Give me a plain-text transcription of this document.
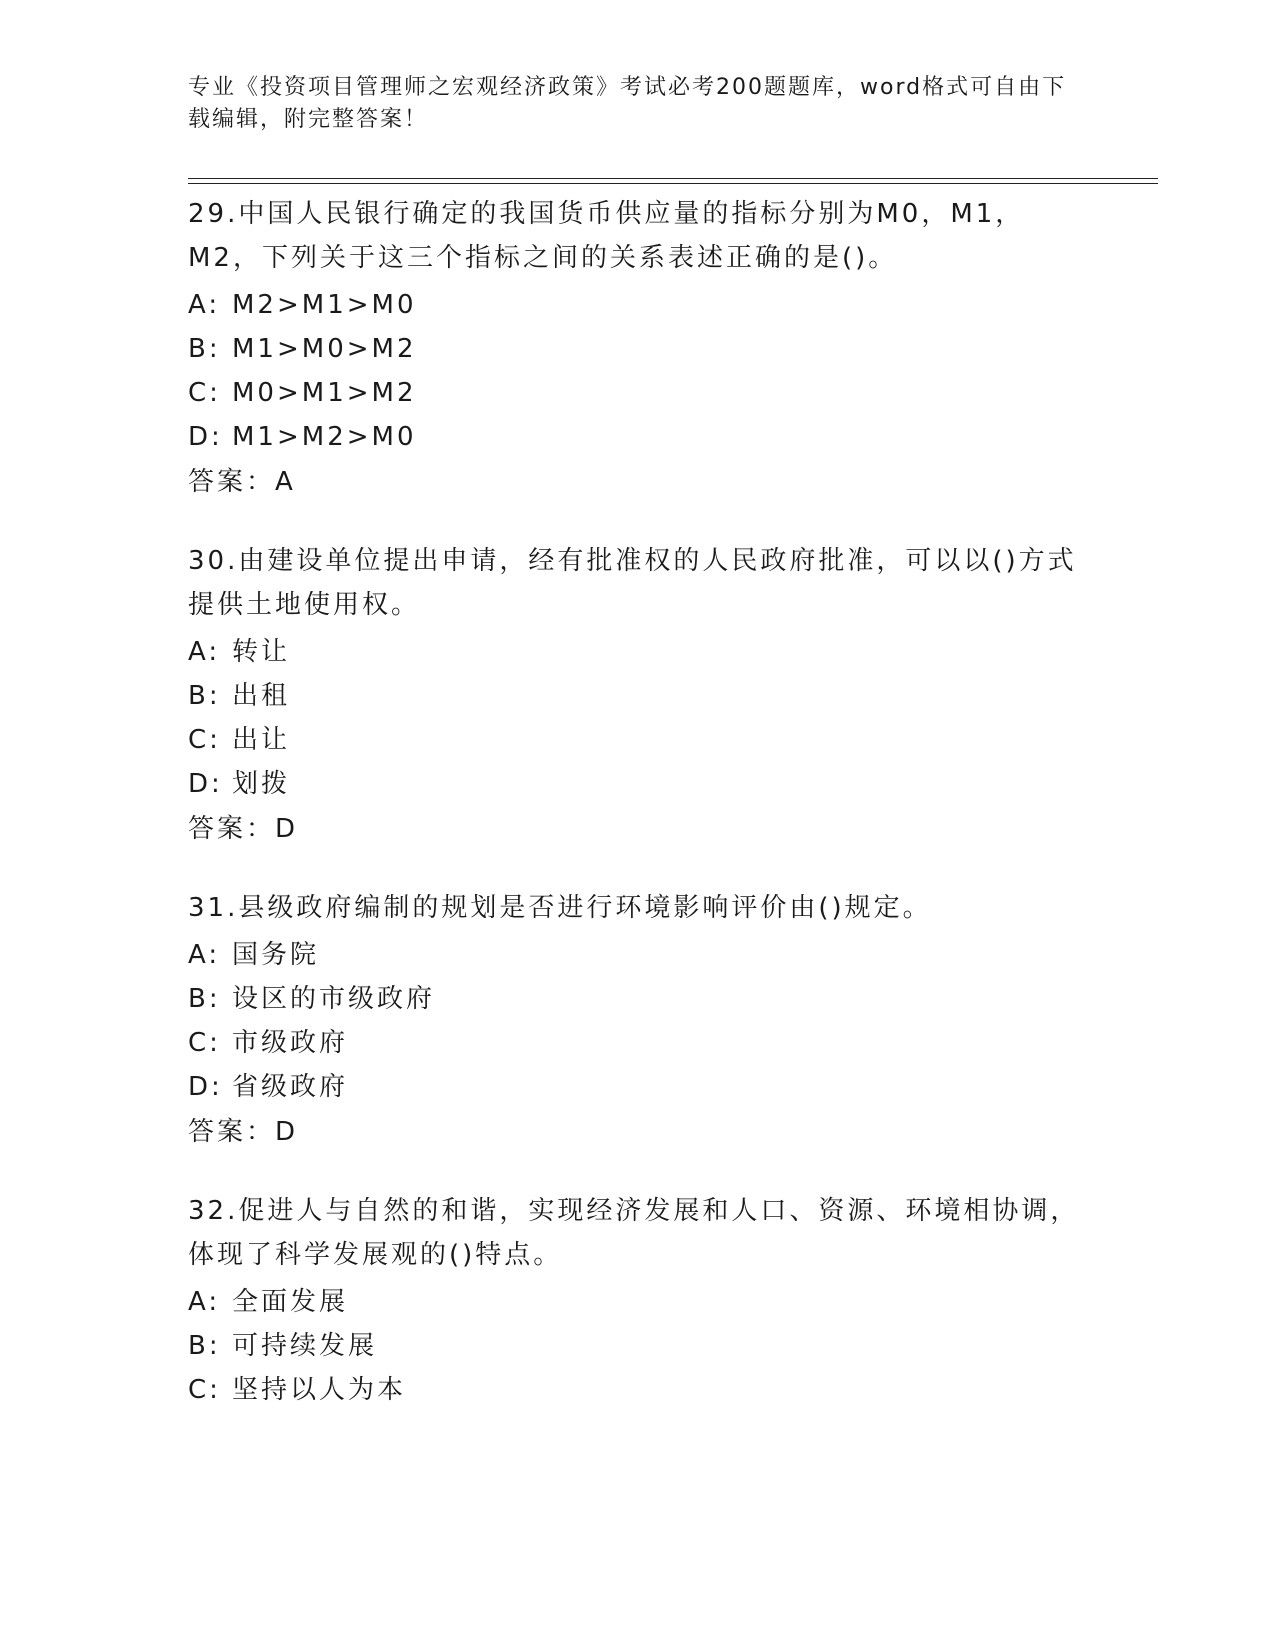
专业《投资项目管理师之宏观经济政策》考试必考200题题库，word格式可自由下载编辑，附完整答案！
29.中国人民银行确定的我国货币供应量的指标分别为M0，M1，M2，下列关于这三个指标之间的关系表述正确的是()。
A: M2>M1>M0
B: M1>M0>M2
C: M0>M1>M2
D: M1>M2>M0
答案：A
30.由建设单位提出申请，经有批准权的人民政府批准，可以以()方式提供土地使用权。
A: 转让
B: 出租
C: 出让
D: 划拨
答案：D
31.县级政府编制的规划是否进行环境影响评价由()规定。
A: 国务院
B: 设区的市级政府
C: 市级政府
D: 省级政府
答案：D
32.促进人与自然的和谐，实现经济发展和人口、资源、环境相协调，体现了科学发展观的()特点。
A: 全面发展
B: 可持续发展
C: 坚持以人为本
